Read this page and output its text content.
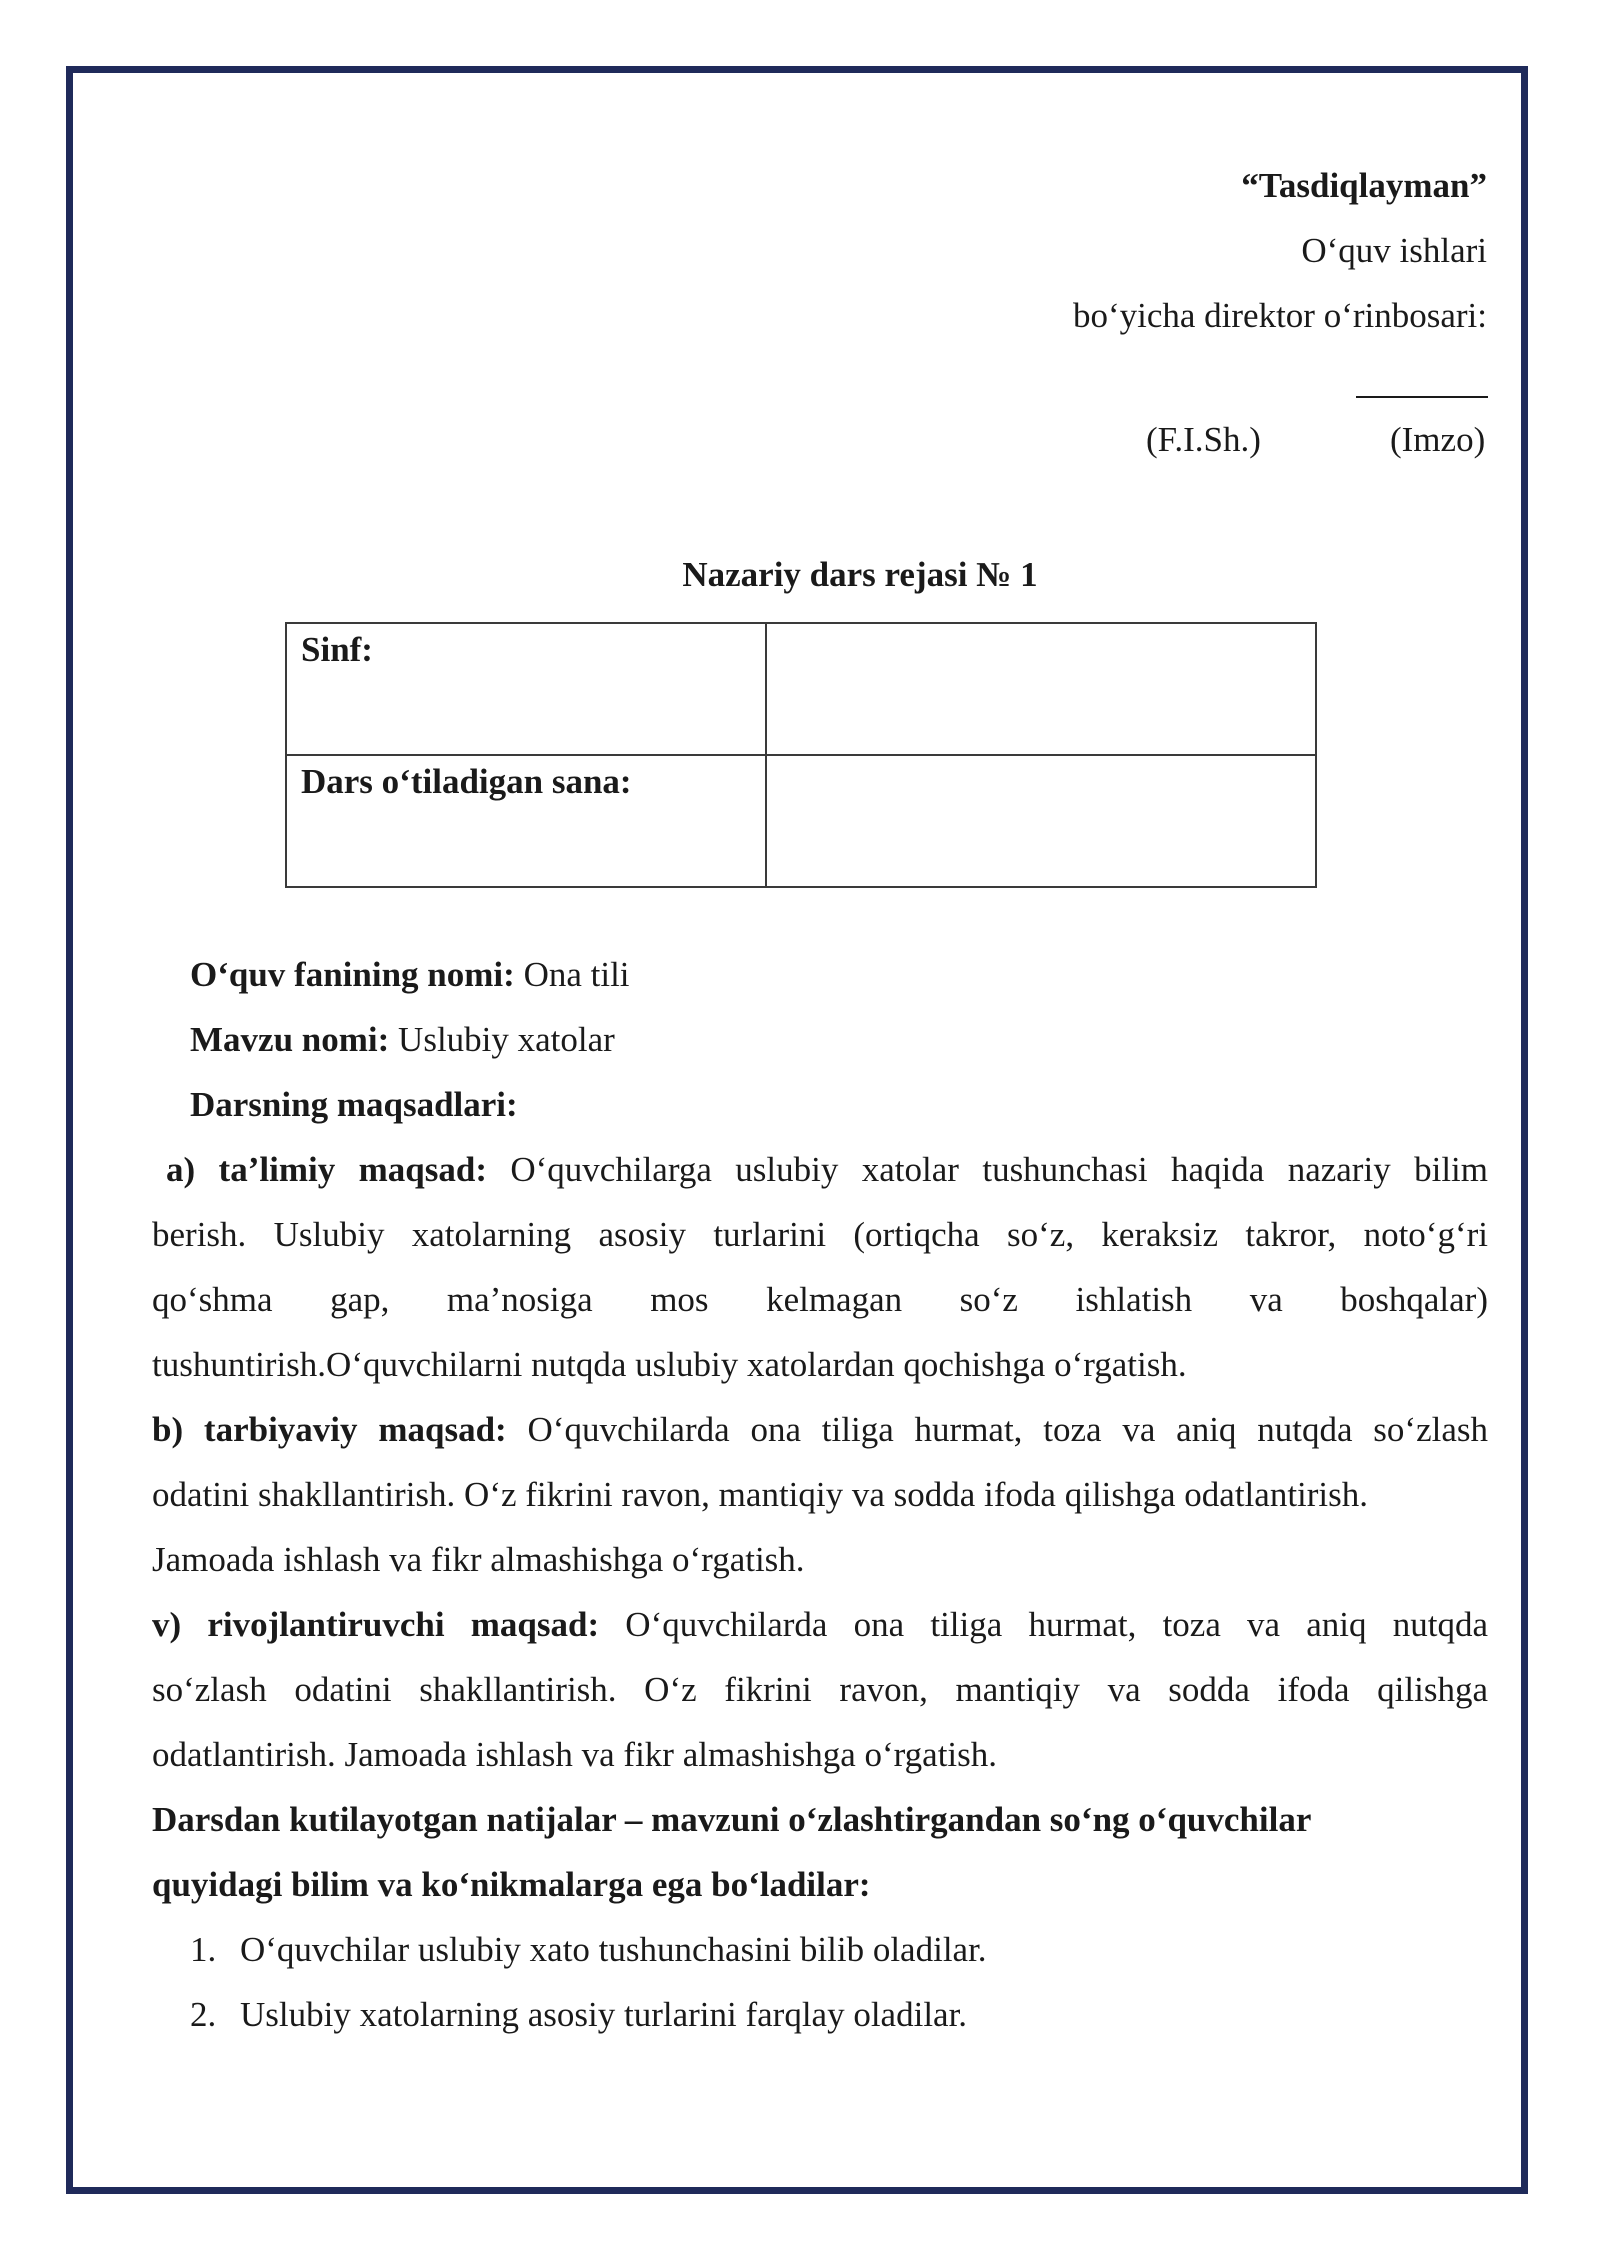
“Tasdiqlayman”
O‘quv ishlari
bo‘yicha direktor o‘rinbosari:
(F.I.Sh.)	(Imzo)
Nazariy dars rejasi № 1
Sinf:	
Dars o‘tiladigan sana:	
O‘quv fanining nomi: Ona tili
Mavzu nomi: Uslubiy xatolar
Darsning maqsadlari:
a) ta’limiy maqsad: O‘quvchilarga uslubiy xatolar tushunchasi haqida nazariy bilim
berish. Uslubiy xatolarning asosiy turlarini (ortiqcha so‘z, keraksiz takror, noto‘g‘ri
qo‘shma gap, ma’nosiga mos kelmagan so‘z ishlatish va boshqalar)
tushuntirish.O‘quvchilarni nutqda uslubiy xatolardan qochishga o‘rgatish.
b) tarbiyaviy maqsad: O‘quvchilarda ona tiliga hurmat, toza va aniq nutqda so‘zlash
odatini shakllantirish. O‘z fikrini ravon, mantiqiy va sodda ifoda qilishga odatlantirish.
Jamoada ishlash va fikr almashishga o‘rgatish.
v) rivojlantiruvchi maqsad: O‘quvchilarda ona tiliga hurmat, toza va aniq nutqda
so‘zlash odatini shakllantirish. O‘z fikrini ravon, mantiqiy va sodda ifoda qilishga
odatlantirish. Jamoada ishlash va fikr almashishga o‘rgatish.
Darsdan kutilayotgan natijalar – mavzuni o‘zlashtirgandan so‘ng o‘quvchilar
quyidagi bilim va ko‘nikmalarga ega bo‘ladilar:
1. O‘quvchilar uslubiy xato tushunchasini bilib oladilar.
2. Uslubiy xatolarning asosiy turlarini farqlay oladilar.
